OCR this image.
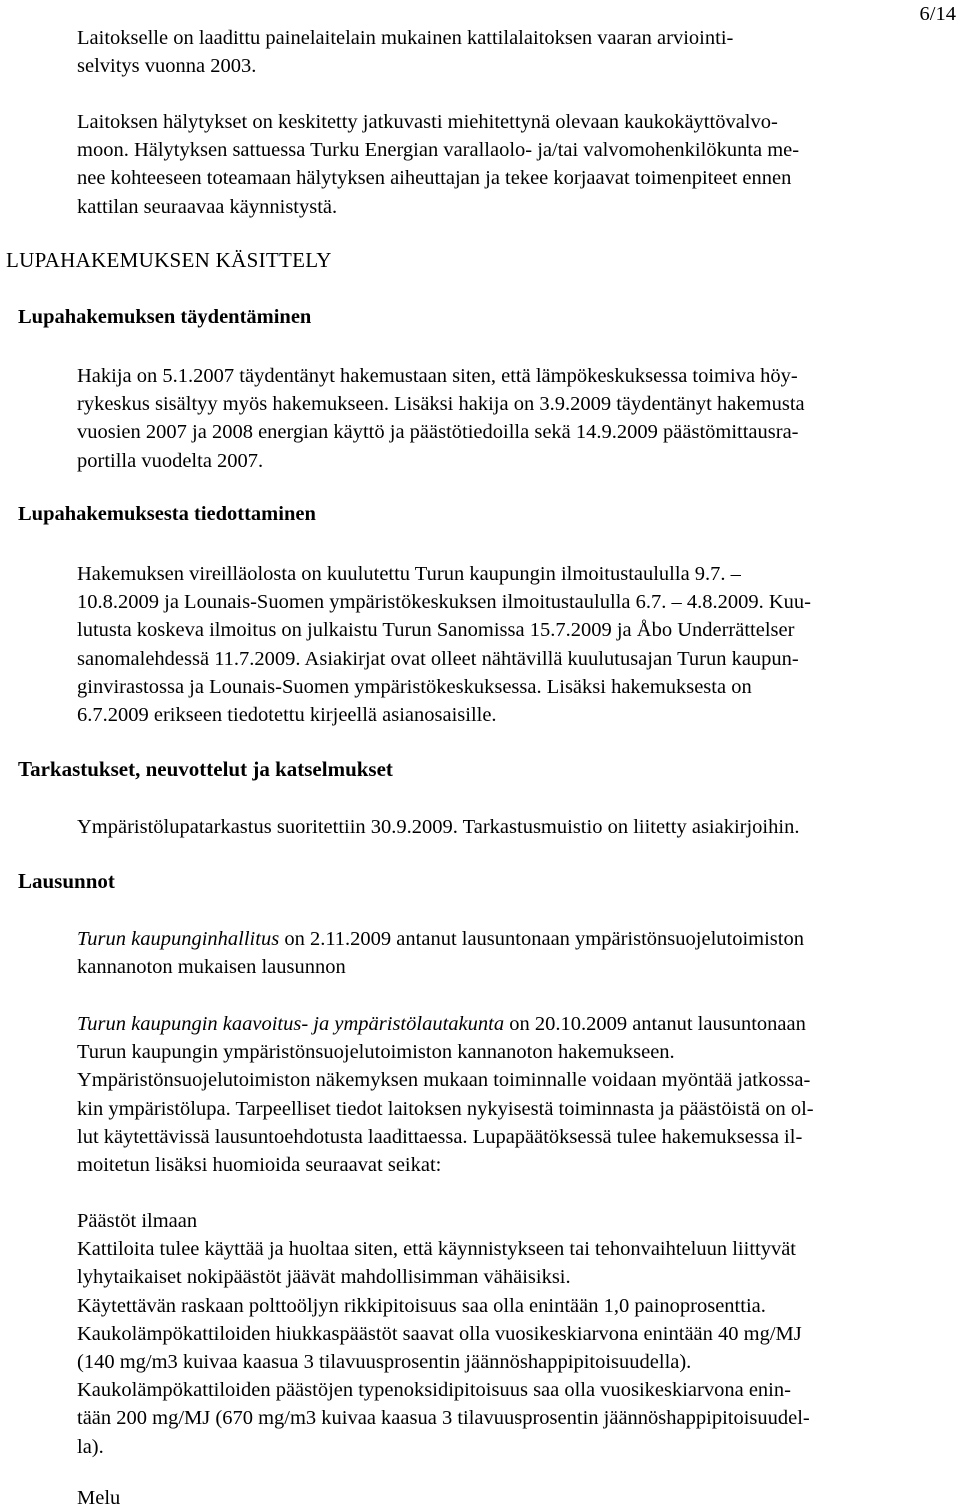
6/14
Laitokselle on laadittu painelaitelain mukainen kattilalaitoksen vaaran arviointi-
selvitys vuonna 2003.
Laitoksen hälytykset on keskitetty jatkuvasti miehitettynä olevaan kaukokäyttövalvo-
moon. Hälytyksen sattuessa Turku Energian varallaolo- ja/tai valvomohenkilökunta me-
nee kohteeseen toteamaan hälytyksen aiheuttajan ja tekee korjaavat toimenpiteet ennen
kattilan seuraavaa käynnistystä.
LUPAHAKEMUKSEN KÄSITTELY
Lupahakemuksen täydentäminen
Hakija on 5.1.2007 täydentänyt hakemustaan siten, että lämpökeskuksessa toimiva höy-
rykeskus sisältyy myös hakemukseen. Lisäksi hakija on 3.9.2009 täydentänyt hakemusta
vuosien 2007 ja 2008 energian käyttö ja päästötiedoilla sekä 14.9.2009 päästömittausra-
portilla vuodelta 2007.
Lupahakemuksesta tiedottaminen
Hakemuksen vireilläolosta on kuulutettu Turun kaupungin ilmoitustaululla 9.7. –
10.8.2009 ja Lounais-Suomen ympäristökeskuksen ilmoitustaululla 6.7. – 4.8.2009. Kuu-
lutusta koskeva ilmoitus on julkaistu Turun Sanomissa 15.7.2009 ja Åbo Underrättelser
sanomalehdessä 11.7.2009. Asiakirjat ovat olleet nähtävillä kuulutusajan Turun kaupun-
ginvirastossa ja Lounais-Suomen ympäristökeskuksessa. Lisäksi hakemuksesta on
6.7.2009 erikseen tiedotettu kirjeellä asianosaisille.
Tarkastukset, neuvottelut ja katselmukset
Ympäristölupatarkastus suoritettiin 30.9.2009. Tarkastusmuistio on liitetty asiakirjoihin.
Lausunnot
Turun kaupunginhallitus on 2.11.2009 antanut lausuntonaan ympäristönsuojelutoimiston
kannanoton mukaisen lausunnon
Turun kaupungin kaavoitus- ja ympäristölautakunta on 20.10.2009 antanut lausuntonaan
Turun kaupungin ympäristönsuojelutoimiston kannanoton hakemukseen.
Ympäristönsuojelutoimiston näkemyksen mukaan toiminnalle voidaan myöntää jatkossa-
kin ympäristölupa. Tarpeelliset tiedot laitoksen nykyisestä toiminnasta ja päästöistä on ol-
lut käytettävissä lausuntoehdotusta laadittaessa. Lupapäätöksessä tulee hakemuksessa il-
moitetun lisäksi huomioida seuraavat seikat:
Päästöt ilmaan
Kattiloita tulee käyttää ja huoltaa siten, että käynnistykseen tai tehonvaihteluun liittyvät
lyhytaikaiset nokipäästöt jäävät mahdollisimman vähäisiksi.
Käytettävän raskaan polttoöljyn rikkipitoisuus saa olla enintään 1,0 painoprosenttia.
Kaukolämpökattiloiden hiukkaspäästöt saavat olla vuosikeskiarvona enintään 40 mg/MJ
(140 mg/m3 kuivaa kaasua 3 tilavuusprosentin jäännöshappipitoisuudella).
Kaukolämpökattiloiden päästöjen typenoksidipitoisuus saa olla vuosikeskiarvona enin-
tään 200 mg/MJ (670 mg/m3 kuivaa kaasua 3 tilavuusprosentin jäännöshappipitoisuudel-
la).
Melu
